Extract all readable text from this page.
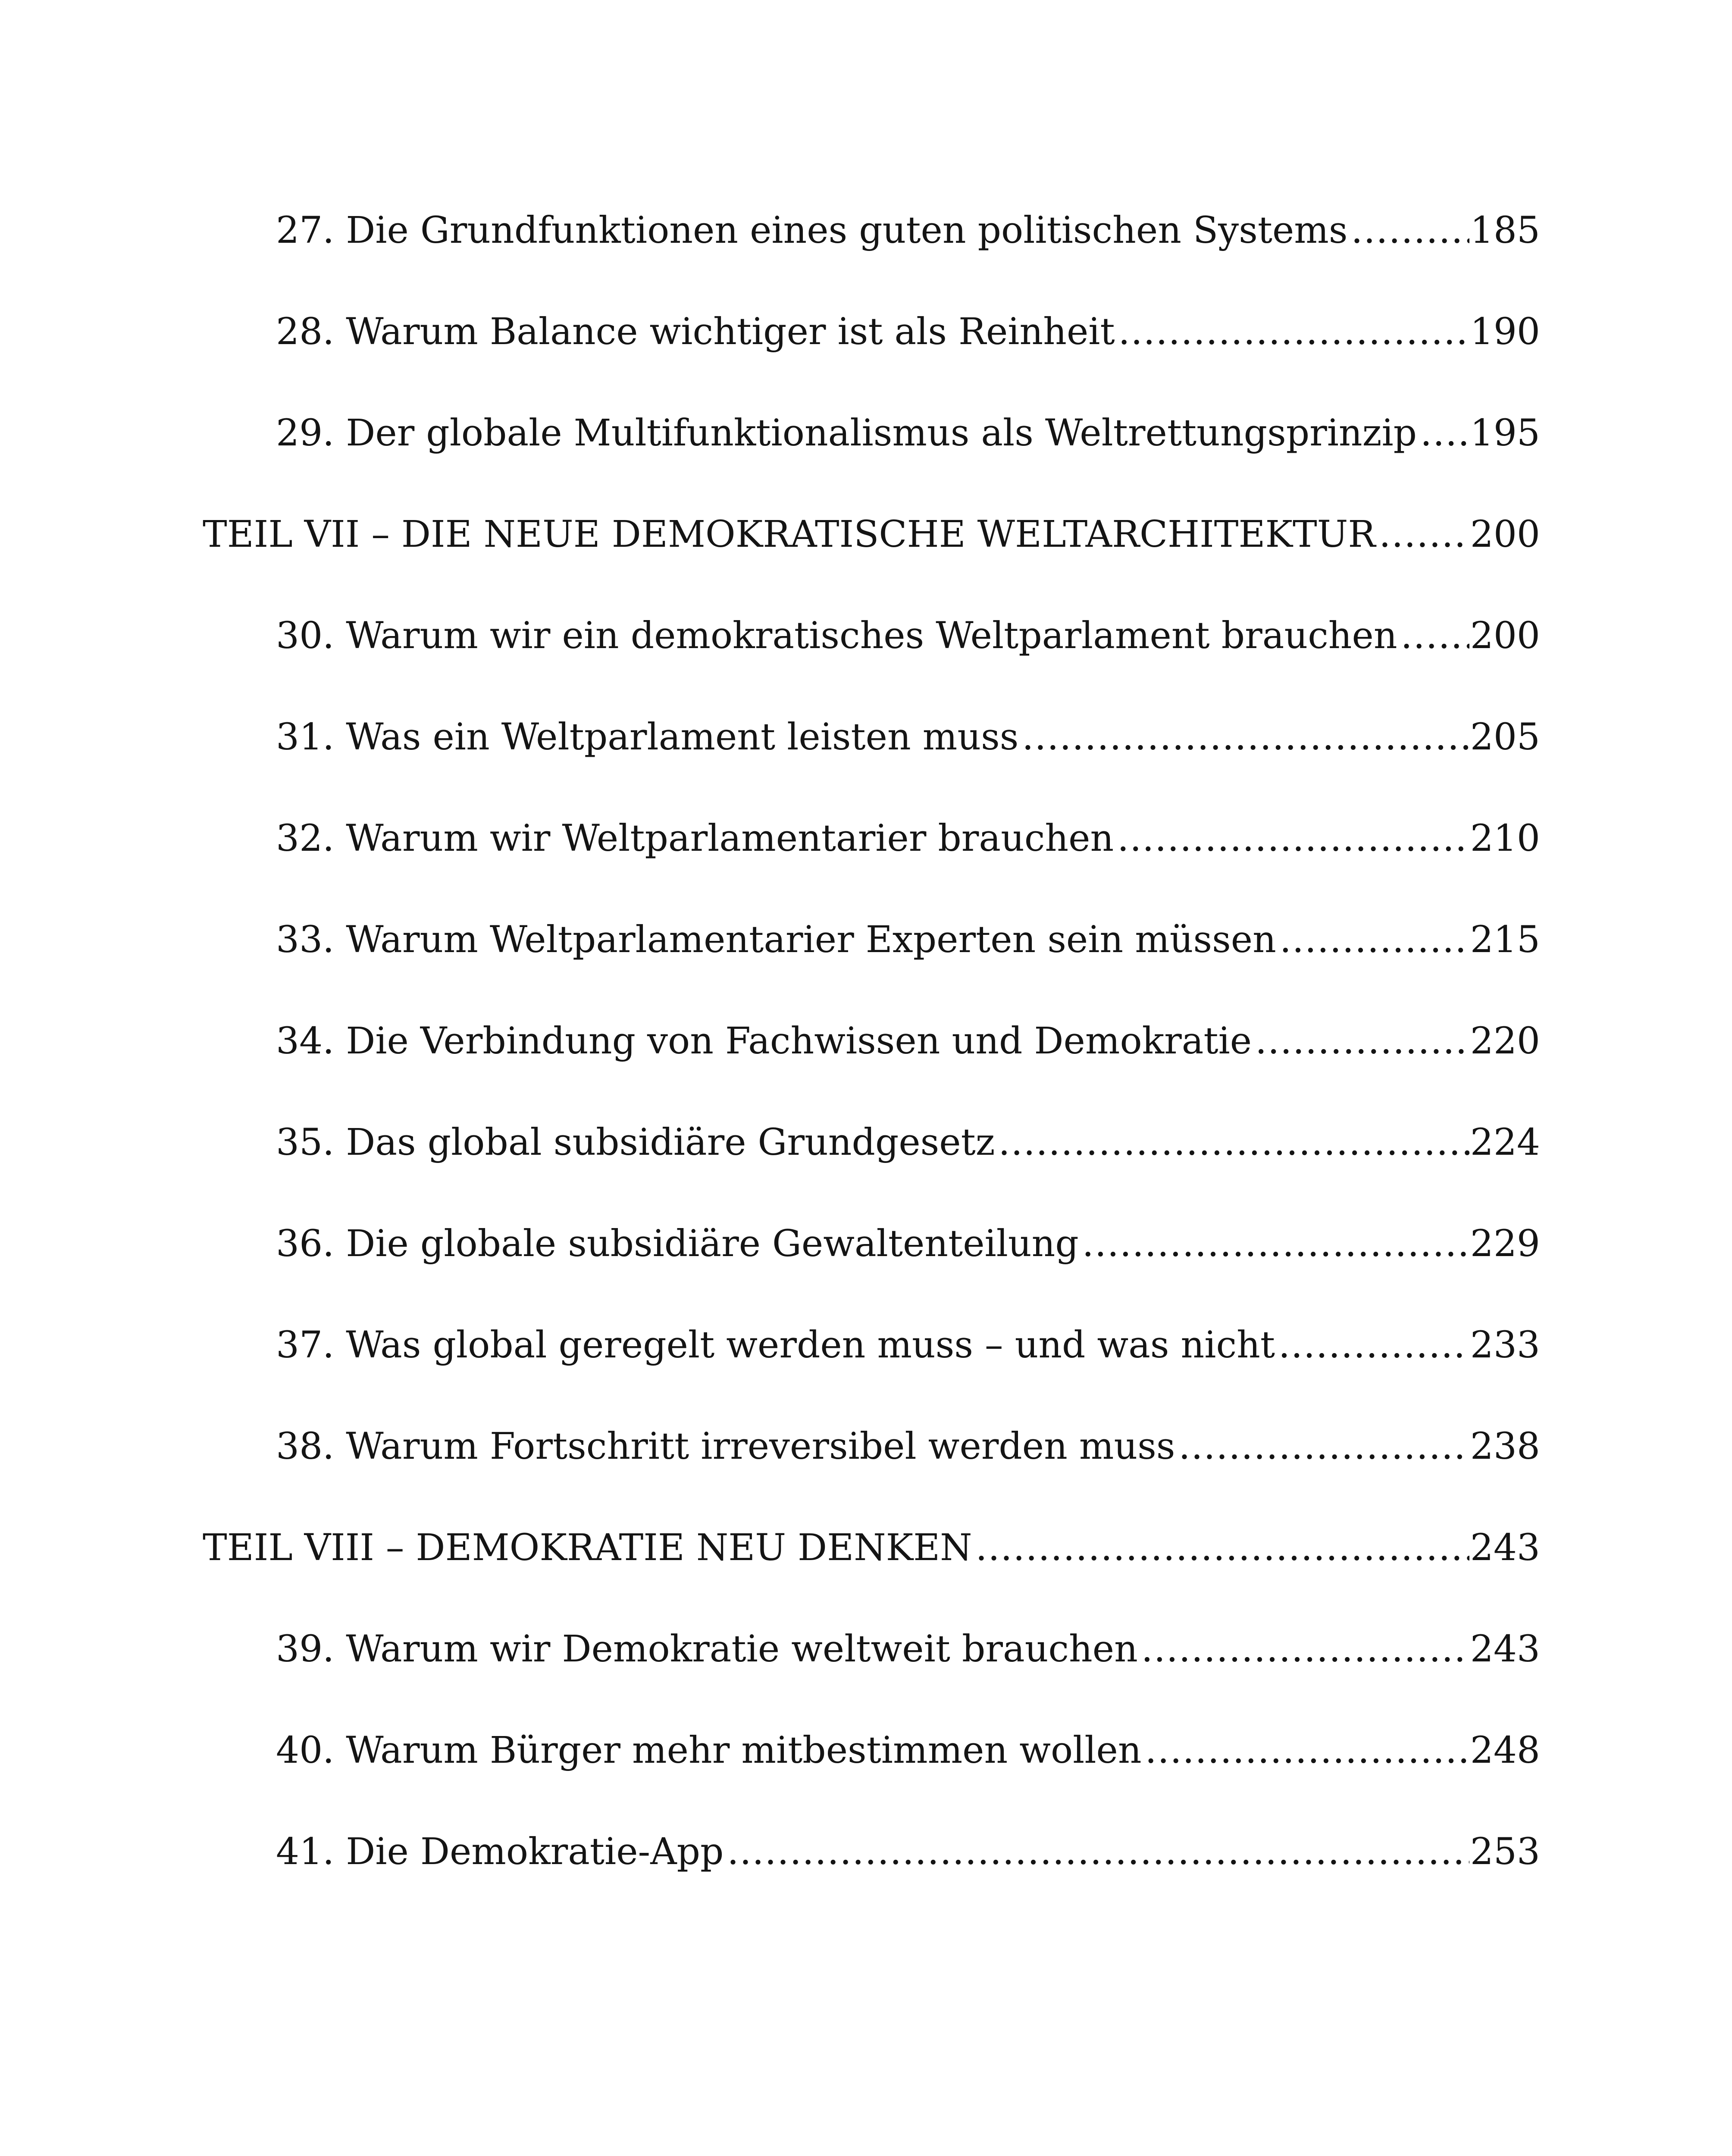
27. Die Grundfunktionen eines guten politischen Systems .....	185
28. Warum Balance wichtiger ist als Reinheit .....	190
29. Der globale Multifunktionalismus als Weltrettungsprinzip ..... 195
TEIL VII – DIE NEUE DEMOKRATISCHE WELTARCHITEKTUR .....	200
30. Warum wir ein demokratisches Weltparlament brauchen ..... 200
31. Was ein Weltparlament leisten muss .....	205
32. Warum wir Weltparlamentarier brauchen .....	210
33. Warum Weltparlamentarier Experten sein müssen .....	215
34. Die Verbindung von Fachwissen und Demokratie .....	220
35. Das global subsidiäre Grundgesetz .....	224
36. Die globale subsidiäre Gewaltenteilung .....	229
37. Was global geregelt werden muss – und was nicht .....	233
38. Warum Fortschritt irreversibel werden muss .....	238
TEIL VIII – DEMOKRATIE NEU DENKEN .....	243
39. Warum wir Demokratie weltweit brauchen .....	243
40. Warum Bürger mehr mitbestimmen wollen .....	248
41. Die Demokratie-App .....	253
